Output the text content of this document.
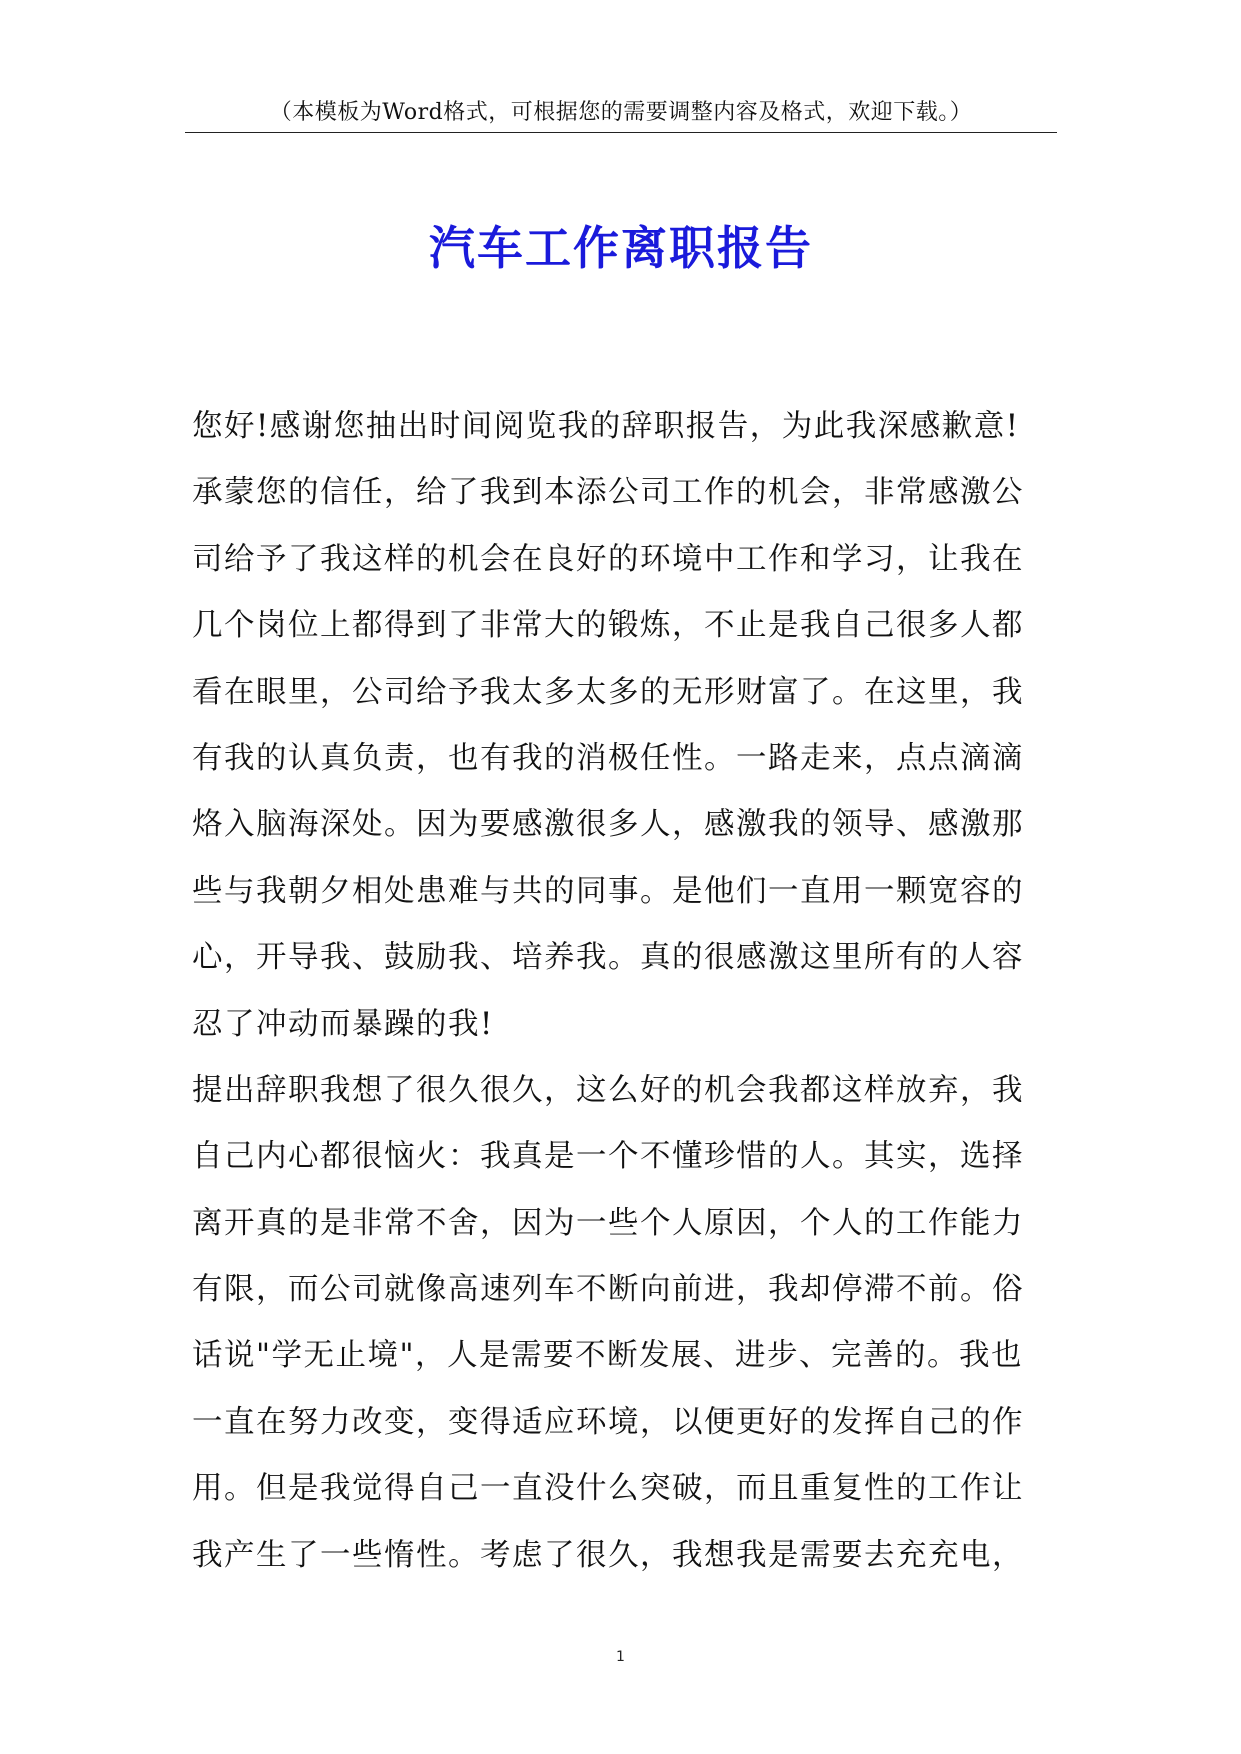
（本模板为Word格式，可根据您的需要调整内容及格式，欢迎下载。）
汽车工作离职报告
您好!感谢您抽出时间阅览我的辞职报告，为此我深感歉意!
承蒙您的信任，给了我到本添公司工作的机会，非常感激公
司给予了我这样的机会在良好的环境中工作和学习，让我在
几个岗位上都得到了非常大的锻炼，不止是我自己很多人都
看在眼里，公司给予我太多太多的无形财富了。在这里，我
有我的认真负责，也有我的消极任性。一路走来，点点滴滴
烙入脑海深处。因为要感激很多人，感激我的领导、感激那
些与我朝夕相处患难与共的同事。是他们一直用一颗宽容的
心，开导我、鼓励我、培养我。真的很感激这里所有的人容
忍了冲动而暴躁的我!
提出辞职我想了很久很久，这么好的机会我都这样放弃，我
自己内心都很恼火：我真是一个不懂珍惜的人。其实，选择
离开真的是非常不舍，因为一些个人原因，个人的工作能力
有限，而公司就像高速列车不断向前进，我却停滞不前。俗
话说"学无止境"，人是需要不断发展、进步、完善的。我也
一直在努力改变，变得适应环境，以便更好的发挥自己的作
用。但是我觉得自己一直没什么突破，而且重复性的工作让
我产生了一些惰性。考虑了很久，我想我是需要去充充电，
1
